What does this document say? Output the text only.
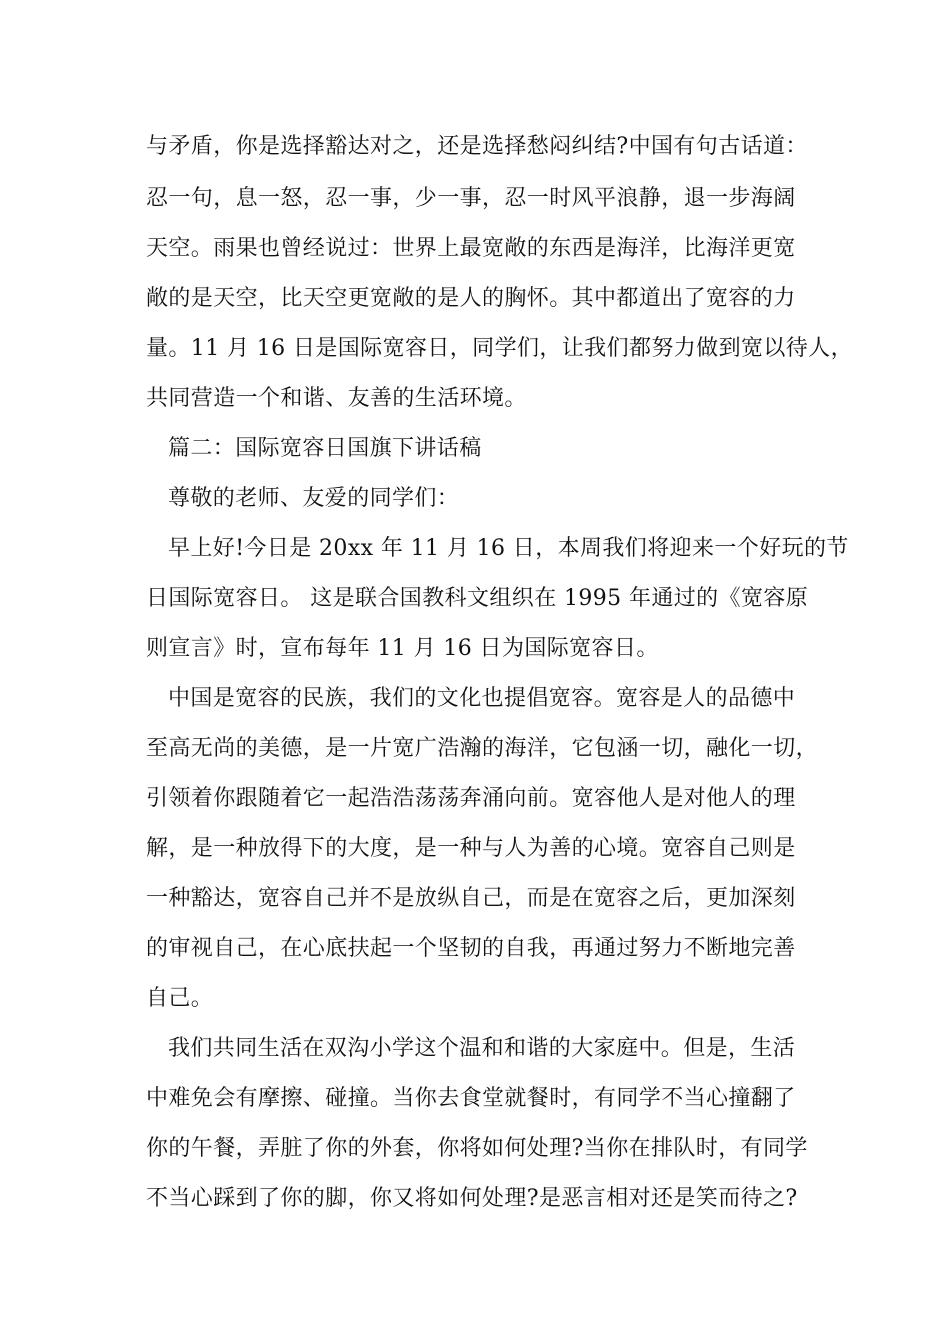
与矛盾，你是选择豁达对之，还是选择愁闷纠结?中国有句古话道：
忍一句，息一怒，忍一事，少一事，忍一时风平浪静，退一步海阔
天空。雨果也曾经说过：世界上最宽敞的东西是海洋，比海洋更宽
敞的是天空，比天空更宽敞的是人的胸怀。其中都道出了宽容的力
量。11 月 16 日是国际宽容日，同学们，让我们都努力做到宽以待人，
共同营造一个和谐、友善的生活环境。
篇二：国际宽容日国旗下讲话稿
尊敬的老师、友爱的同学们：
早上好!今日是 20xx 年 11 月 16 日，本周我们将迎来一个好玩的节
日国际宽容日。 这是联合国教科文组织在 1995 年通过的《宽容原
则宣言》时，宣布每年 11 月 16 日为国际宽容日。
中国是宽容的民族，我们的文化也提倡宽容。宽容是人的品德中
至高无尚的美德，是一片宽广浩瀚的海洋，它包涵一切，融化一切，
引领着你跟随着它一起浩浩荡荡奔涌向前。宽容他人是对他人的理
解，是一种放得下的大度，是一种与人为善的心境。宽容自己则是
一种豁达，宽容自己并不是放纵自己，而是在宽容之后，更加深刻
的审视自己，在心底扶起一个坚韧的自我，再通过努力不断地完善
自己。
我们共同生活在双沟小学这个温和和谐的大家庭中。但是，生活
中难免会有摩擦、碰撞。当你去食堂就餐时，有同学不当心撞翻了
你的午餐，弄脏了你的外套，你将如何处理?当你在排队时，有同学
不当心踩到了你的脚，你又将如何处理?是恶言相对还是笑而待之?
